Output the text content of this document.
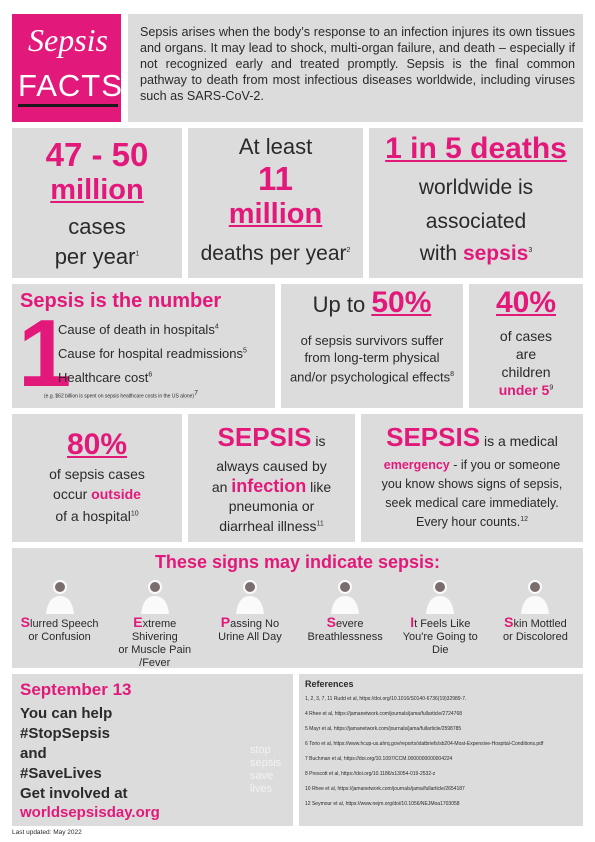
Sepsis
FACTS
Sepsis arises when the body’s response to an infection injures its own tissues and organs. It may lead to shock, multi-organ failure, and death – especially if not recognized early and treated promptly. Sepsis is the final common pathway to death from most infectious diseases worldwide, including viruses such as SARS-CoV-2.
47 - 50
million
cases
per year$^1$
At least
11
million
deaths per year$^2$
1 in 5 deaths
worldwide is
associated
with sepsis$^3$
Sepsis is the number
1
Cause of death in hospitals$^4$
Cause for hospital readmissions$^5$
Healthcare cost$^6$
(e.g. $62 billion is spent on sepsis healthcare costs in the US alone)$^7$
Up to 50%
of sepsis survivors suffer from long-term physical and/or psychological effects$^8$
40%
of cases
are
children
under $5^9$
80%
of sepsis cases
occur outside
of a hospital$^{10}$
SEPSIS is
always caused by
an infection like
pneumonia or
diarrheal illness$^{11}$
SEPSIS is a medical
emergency - if you or someone
you know shows signs of sepsis,
seek medical care immediately.
Every hour counts.$^{12}$
These signs may indicate sepsis:
Slurred Speech
or Confusion
Extreme Shivering
or Muscle Pain /Fever
Passing No
Urine All Day
Severe
Breathlessness
It Feels Like
You're Going to Die
Skin Mottled
or Discolored
September 13
You can help
#StopSepsis
and
#SaveLives
Get involved at
worldsepsisday.org
stop sepsis save lives
References
1, 2, 3, 7, 11 Rudd et al, https://doi.org/10.1016/S0140-6736(19)32989-7.
4 Rhee et al, https://jamanetwork.com/journals/jama/fullarticle/2724768
5 Mayr et al, https://jamanetwork.com/journals/jama/fullarticle/2598785
6 Torio et al, https://www.hcup-us.ahrq.gov/reports/statbriefs/sb204-Most-Expensive-Hospital-Conditions.pdf
7 Buchman et al, https://doi.org/10.1097/CCM.0000000000004224
8 Prescott et al, https://doi.org/10.1186/s13054-019-2532-z
10 Rhee et al, https://jamanetwork.com/journals/jama/fullarticle/2654187
12 Seymour et al, https://www.nejm.org/doi/10.1056/NEJMoa1703058
Last updated: May 2022
